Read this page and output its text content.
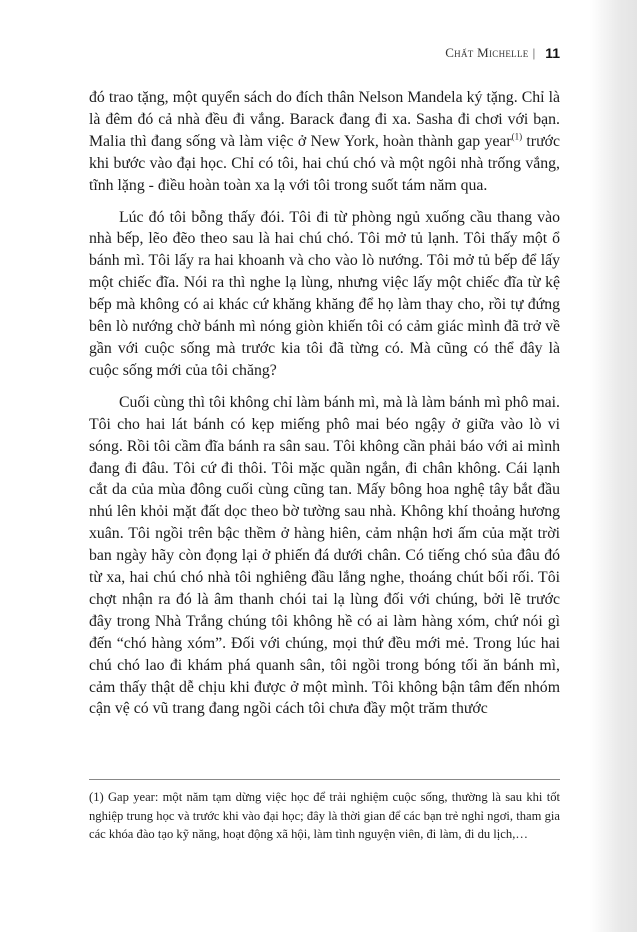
Chất Michelle | 11

đó trao tặng, một quyển sách do đích thân Nelson Mandela ký tặng. Chỉ là là đêm đó cả nhà đều đi vắng. Barack đang đi xa. Sasha đi chơi với bạn. Malia thì đang sống và làm việc ở New York, hoàn thành gap year$^{(1)}$ trước khi bước vào đại học. Chỉ có tôi, hai chú chó và một ngôi nhà trống vắng, tĩnh lặng - điều hoàn toàn xa lạ với tôi trong suốt tám năm qua.

Lúc đó tôi bỗng thấy đói. Tôi đi từ phòng ngủ xuống cầu thang vào nhà bếp, lẽo đẽo theo sau là hai chú chó. Tôi mở tủ lạnh. Tôi thấy một ổ bánh mì. Tôi lấy ra hai khoanh và cho vào lò nướng. Tôi mở tủ bếp để lấy một chiếc đĩa. Nói ra thì nghe lạ lùng, nhưng việc lấy một chiếc đĩa từ kệ bếp mà không có ai khác cứ khăng khăng để họ làm thay cho, rồi tự đứng bên lò nướng chờ bánh mì nóng giòn khiến tôi có cảm giác mình đã trở về gần với cuộc sống mà trước kia tôi đã từng có. Mà cũng có thể đây là cuộc sống mới của tôi chăng?

Cuối cùng thì tôi không chỉ làm bánh mì, mà là làm bánh mì phô mai. Tôi cho hai lát bánh có kẹp miếng phô mai béo ngậy ở giữa vào lò vi sóng. Rồi tôi cầm đĩa bánh ra sân sau. Tôi không cần phải báo với ai mình đang đi đâu. Tôi cứ đi thôi. Tôi mặc quần ngắn, đi chân không. Cái lạnh cắt da của mùa đông cuối cùng cũng tan. Mấy bông hoa nghệ tây bắt đầu nhú lên khỏi mặt đất dọc theo bờ tường sau nhà. Không khí thoảng hương xuân. Tôi ngồi trên bậc thềm ở hàng hiên, cảm nhận hơi ấm của mặt trời ban ngày hãy còn đọng lại ở phiến đá dưới chân. Có tiếng chó sủa đâu đó từ xa, hai chú chó nhà tôi nghiêng đầu lắng nghe, thoáng chút bối rối. Tôi chợt nhận ra đó là âm thanh chói tai lạ lùng đối với chúng, bởi lẽ trước đây trong Nhà Trắng chúng tôi không hề có ai làm hàng xóm, chứ nói gì đến “chó hàng xóm”. Đối với chúng, mọi thứ đều mới mẻ. Trong lúc hai chú chó lao đi khám phá quanh sân, tôi ngồi trong bóng tối ăn bánh mì, cảm thấy thật dễ chịu khi được ở một mình. Tôi không bận tâm đến nhóm cận vệ có vũ trang đang ngồi cách tôi chưa đầy một trăm thước

(1) Gap year: một năm tạm dừng việc học để trải nghiệm cuộc sống, thường là sau khi tốt nghiệp trung học và trước khi vào đại học; đây là thời gian để các bạn trẻ nghỉ ngơi, tham gia các khóa đào tạo kỹ năng, hoạt động xã hội, làm tình nguyện viên, đi làm, đi du lịch,…
